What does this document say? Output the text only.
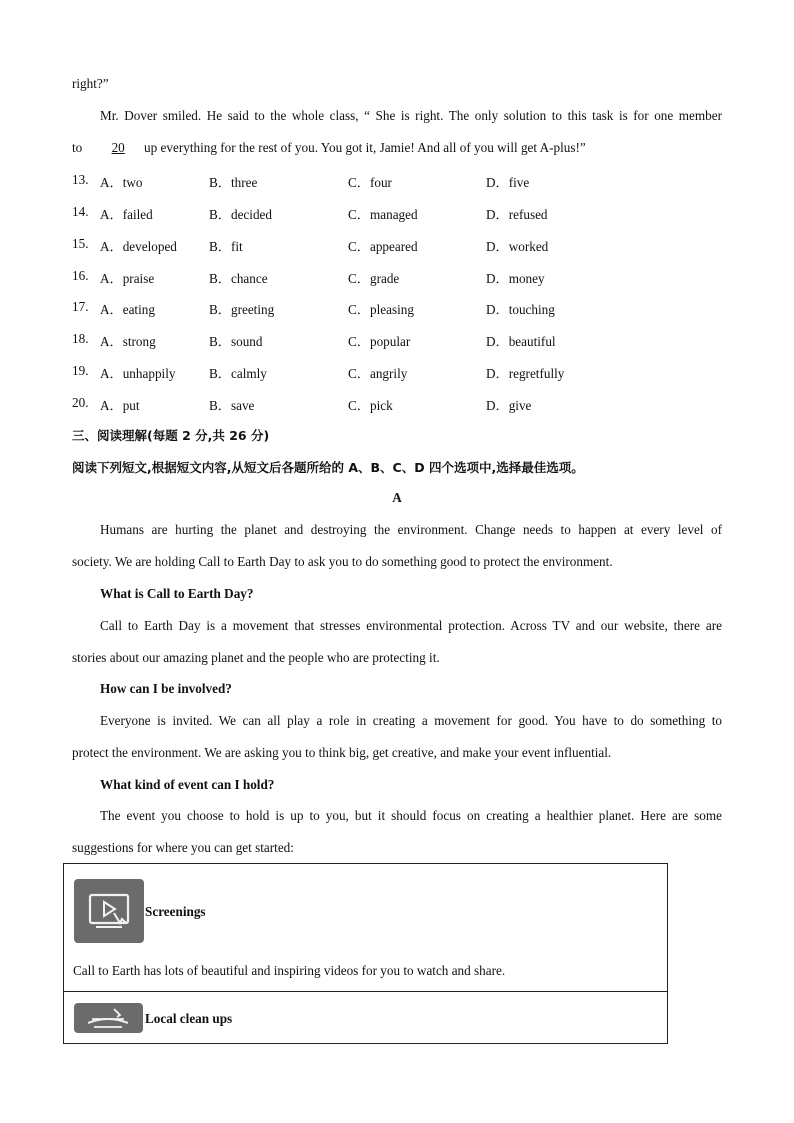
right?”
Mr. Dover smiled. He said to the whole class, “ She is right. The only solution to this task is for one member
to 20 up everything for the rest of you. You got it, Jamie! And all of you will get A-plus!”
13. A．two	B．three	C．four	D．five
14. A．failed	B．decided	C．managed	D．refused
15. A．developed B．fit	C．appeared	D．worked
16. A．praise	B．chance	C．grade	D．money
17. A．eating	B．greeting	C．pleasing	D．touching
18. A．strong	B．sound	C．popular	D．beautiful
19. A．unhappily	B．calmly	C．angrily	D．regretfully
20. A．put	B．save	C．pick	D．give
三、阅读理解(每题 2 分,共 26 分)
阅读下列短文,根据短文内容,从短文后各题所给的 A、B、C、D 四个选项中,选择最佳选项。
A
Humans are hurting the planet and destroying the environment. Change needs to happen at every level of
society. We are holding Call to Earth Day to ask you to do something good to protect the environment.
What is Call to Earth Day?
Call to Earth Day is a movement that stresses environmental protection. Across TV and our website, there are
stories about our amazing planet and the people who are protecting it.
How can I be involved?
Everyone is invited. We can all play a role in creating a movement for good. You have to do something to
protect the environment. We are asking you to think big, get creative, and make your event influential.
What kind of event can I hold?
The event you choose to hold is up to you, but it should focus on creating a healthier planet. Here are some
suggestions for where you can get started:
Screenings
Call to Earth has lots of beautiful and inspiring videos for you to watch and share.
Local clean ups
